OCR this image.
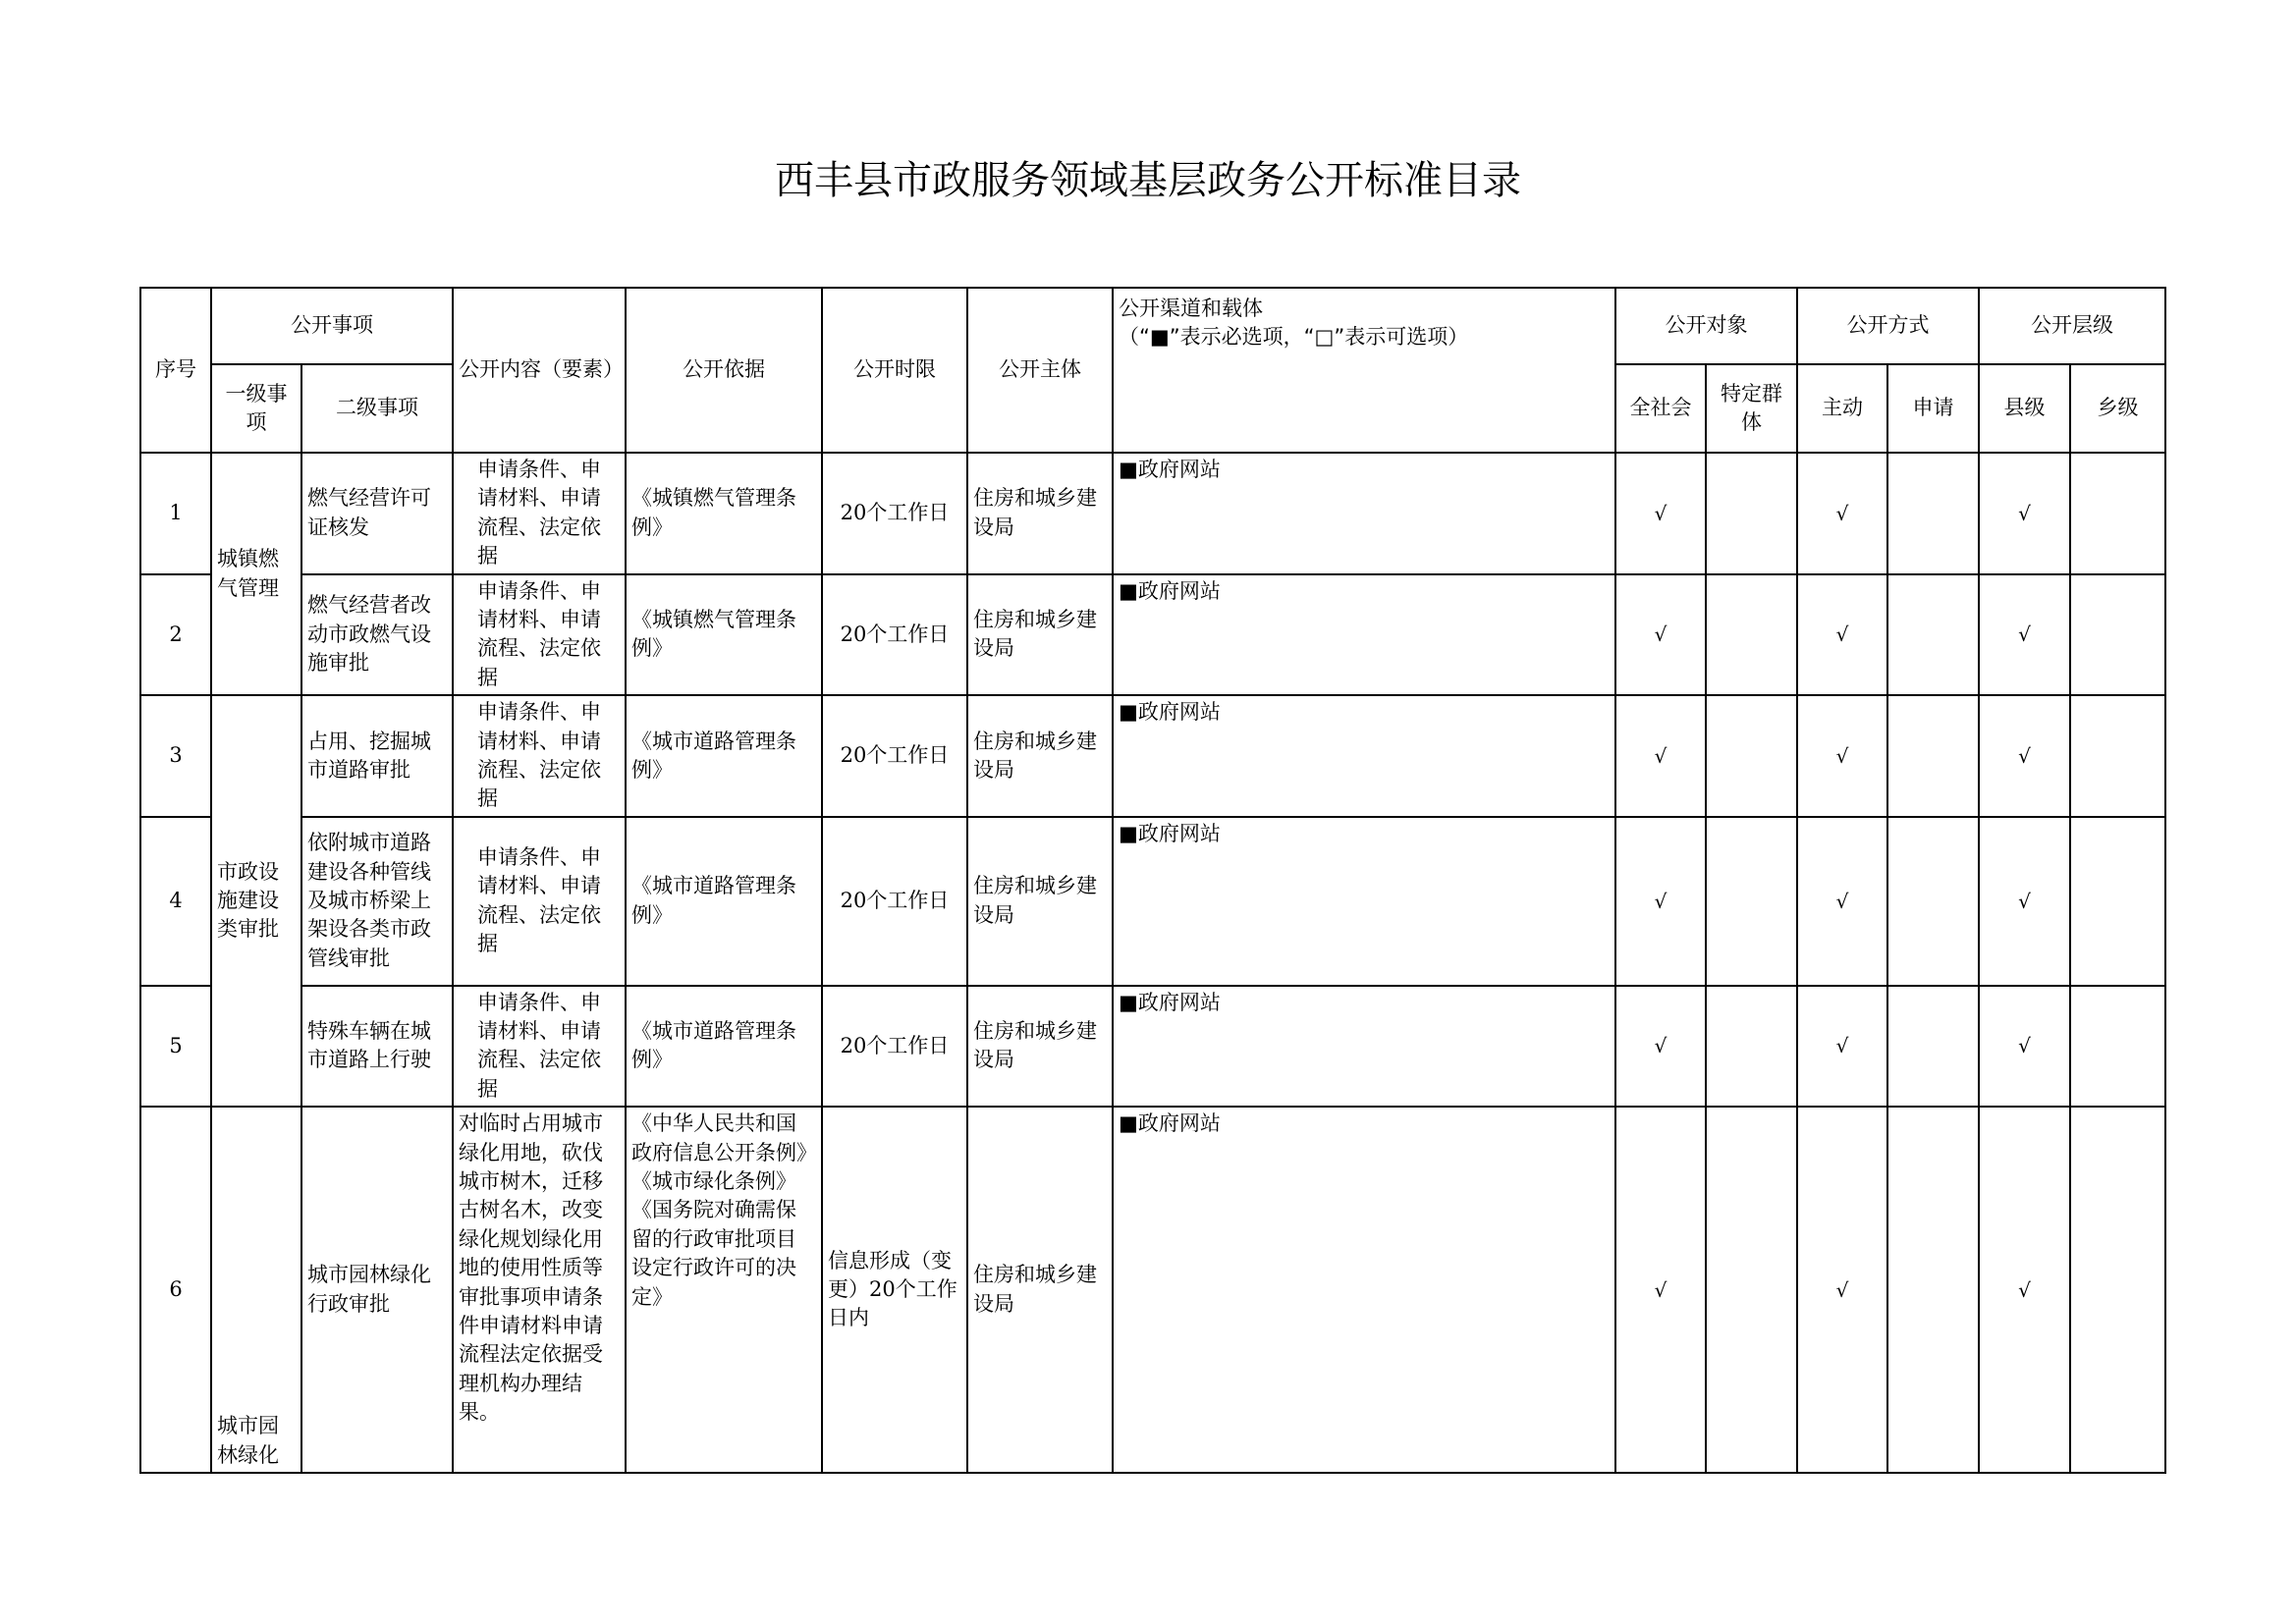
西丰县市政服务领域基层政务公开标准目录
序号	公开事项		公开内容（要素）	公开依据	公开时限	公开主体	公开渠道和载体
（“■”表示必选项，“□”表示可选项）	公开对象		公开方式		公开层级	
	一级事项	二级事项						全社会	特定群体	主动	申请	县级	乡级
1	城镇燃气管理	燃气经营许可证核发	申请条件、申请材料、申请流程、法定依据	《城镇燃气管理条例》	20个工作日	住房和城乡建设局	■政府网站	√		√		√	
2		燃气经营者改动市政燃气设施审批	申请条件、申请材料、申请流程、法定依据	《城镇燃气管理条例》	20个工作日	住房和城乡建设局	■政府网站	√		√		√	
3	市政设施建设类审批	占用、挖掘城市道路审批	申请条件、申请材料、申请流程、法定依据	《城市道路管理条例》	20个工作日	住房和城乡建设局	■政府网站	√		√		√	
4		依附城市道路建设各种管线及城市桥梁上架设各类市政管线审批	申请条件、申请材料、申请流程、法定依据	《城市道路管理条例》	20个工作日	住房和城乡建设局	■政府网站	√		√		√	
5		特殊车辆在城市道路上行驶	申请条件、申请材料、申请流程、法定依据	《城市道路管理条例》	20个工作日	住房和城乡建设局	■政府网站	√		√		√	
6	城市园林绿化	城市园林绿化行政审批	对临时占用城市绿化用地，砍伐城市树木，迁移古树名木，改变绿化规划绿化用地的使用性质等审批事项申请条件申请材料申请流程法定依据受理机构办理结果。	《中华人民共和国政府信息公开条例》《城市绿化条例》《国务院对确需保留的行政审批项目设定行政许可的决定》	信息形成（变更）20个工作日内	住房和城乡建设局	■政府网站	√		√		√	
